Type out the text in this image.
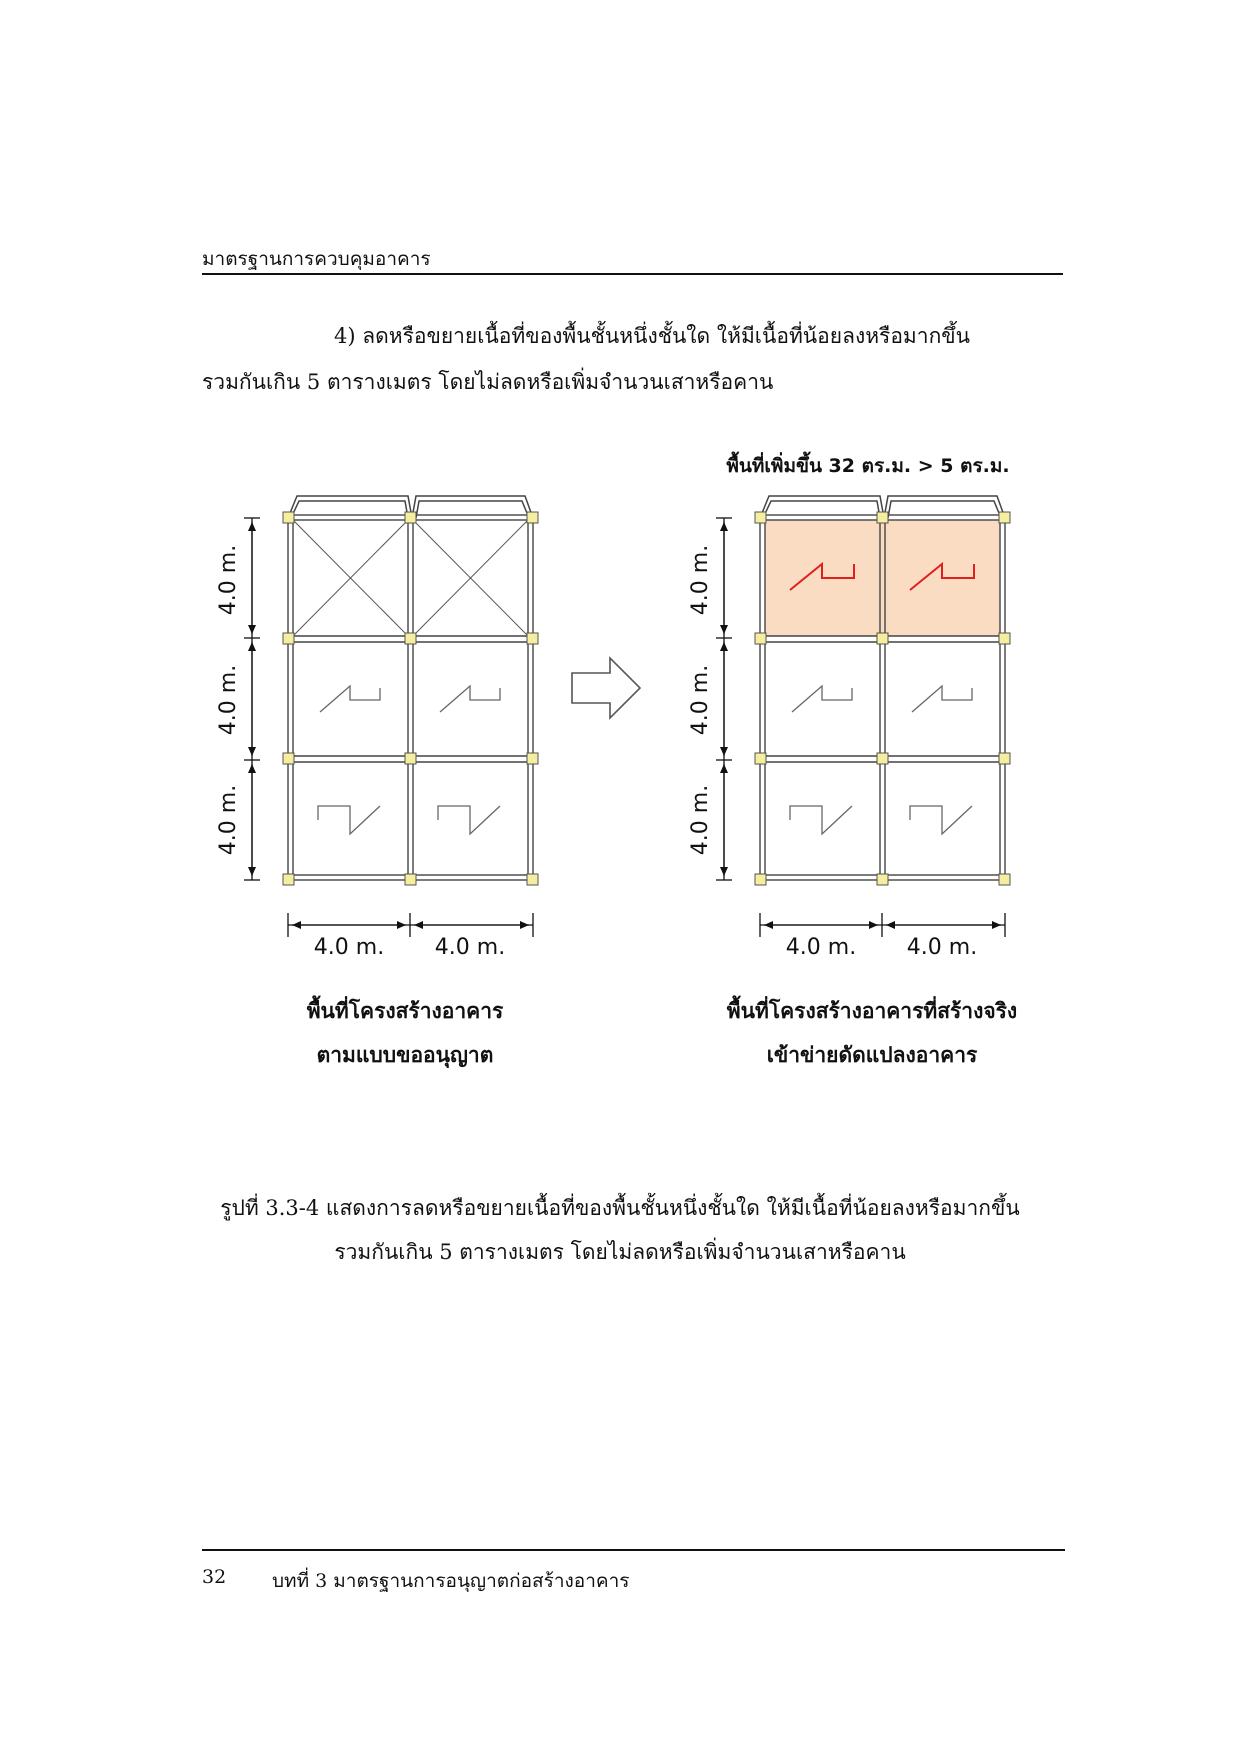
มาตรฐานการควบคุมอาคาร
4) ลดหรือขยายเนื้อที่ของพื้นชั้นหนึ่งชั้นใด ให้มีเนื้อที่น้อยลงหรือมากขึ้น
รวมกันเกิน 5 ตารางเมตร โดยไม่ลดหรือเพิ่มจำนวนเสาหรือคาน
4.0 m.
4.0 m.
4.0 m.
4.0 m. 4.0 m.
4.0 m.
4.0 m.
4.0 m.
4.0 m. 4.0 m.
พื้นที่เพิ่มขึ้น 32 ตร.ม. > 5 ตร.ม.
พื้นที่โครงสร้างอาคาร
ตามแบบขออนุญาต
พื้นที่โครงสร้างอาคารที่สร้างจริง
เข้าข่ายดัดแปลงอาคาร
รูปที่ 3.3-4 แสดงการลดหรือขยายเนื้อที่ของพื้นชั้นหนึ่งชั้นใด ให้มีเนื้อที่น้อยลงหรือมากขึ้น
รวมกันเกิน 5 ตารางเมตร โดยไม่ลดหรือเพิ่มจำนวนเสาหรือคาน
32 บทที่ 3 มาตรฐานการอนุญาตก่อสร้างอาคาร
